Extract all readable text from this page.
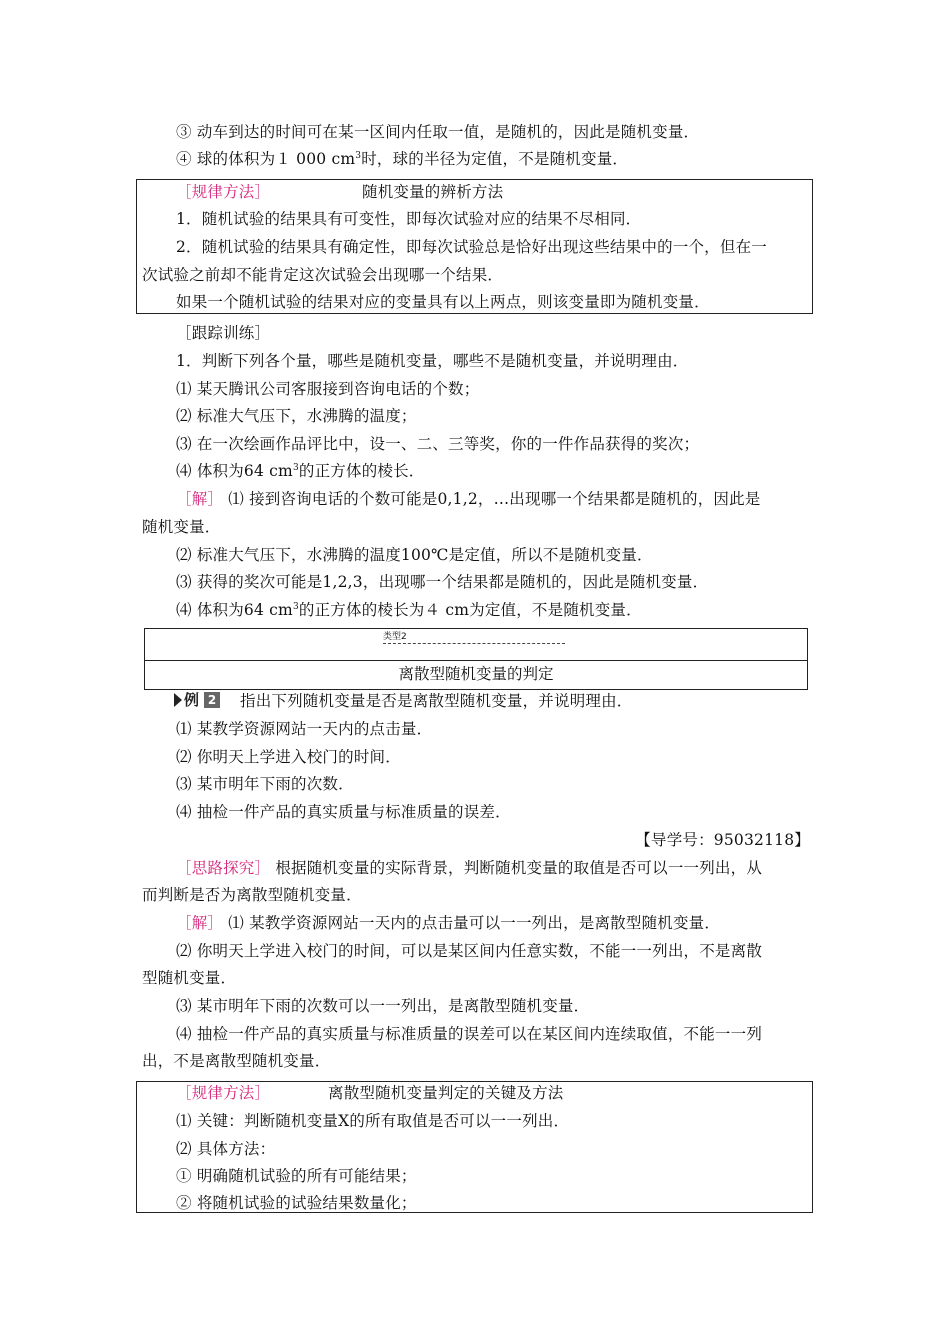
③ 动车到达的时间可在某一区间内任取一值，是随机的，因此是随机变量．
④ 球的体积为１ 000 $cm^3$时，球的半径为定值，不是随机变量．
［规律方法］	随机变量的辨析方法
1．随机试验的结果具有可变性，即每次试验对应的结果不尽相同．
2．随机试验的结果具有确定性，即每次试验总是恰好出现这些结果中的一个，但在一
次试验之前却不能肯定这次试验会出现哪一个结果．
如果一个随机试验的结果对应的变量具有以上两点，则该变量即为随机变量．
［跟踪训练］
1．判断下列各个量，哪些是随机变量，哪些不是随机变量，并说明理由．
⑴ 某天腾讯公司客服接到咨询电话的个数；
⑵ 标准大气压下，水沸腾的温度；
⑶ 在一次绘画作品评比中，设一、二、三等奖，你的一件作品获得的奖次；
⑷ 体积为64 $cm^3$的正方体的棱长．
［解］ ⑴ 接到咨询电话的个数可能是0,1,2，…出现哪一个结果都是随机的，因此是
随机变量．
⑵ 标准大气压下，水沸腾的温度100℃是定值，所以不是随机变量．
⑶ 获得的奖次可能是1,2,3，出现哪一个结果都是随机的，因此是随机变量．
⑷ 体积为64 $cm^3$的正方体的棱长为４ cm为定值，不是随机变量．
类型2
离散型随机变量的判定
例 2 指出下列随机变量是否是离散型随机变量，并说明理由．
⑴ 某教学资源网站一天内的点击量．
⑵ 你明天上学进入校门的时间．
⑶ 某市明年下雨的次数．
⑷ 抽检一件产品的真实质量与标准质量的误差．
【导学号：95032118】
［思路探究］ 根据随机变量的实际背景，判断随机变量的取值是否可以一一列出，从
而判断是否为离散型随机变量．
［解］ ⑴ 某教学资源网站一天内的点击量可以一一列出，是离散型随机变量．
⑵ 你明天上学进入校门的时间，可以是某区间内任意实数，不能一一列出，不是离散
型随机变量．
⑶ 某市明年下雨的次数可以一一列出，是离散型随机变量．
⑷ 抽检一件产品的真实质量与标准质量的误差可以在某区间内连续取值，不能一一列
出，不是离散型随机变量．
［规律方法］	离散型随机变量判定的关键及方法
⑴ 关键：判断随机变量X的所有取值是否可以一一列出．
⑵ 具体方法：
① 明确随机试验的所有可能结果；
② 将随机试验的试验结果数量化；
